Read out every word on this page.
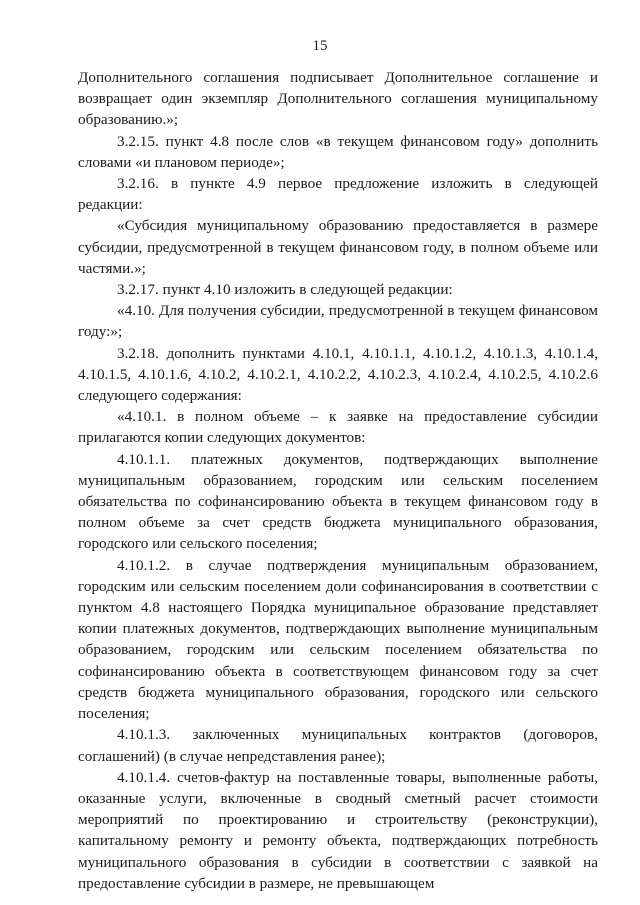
15

Дополнительного соглашения подписывает Дополнительное соглашение и возвращает один экземпляр Дополнительного соглашения муниципальному образованию.»;

3.2.15. пункт 4.8 после слов «в текущем финансовом году» дополнить словами «и плановом периоде»;

3.2.16. в пункте 4.9 первое предложение изложить в следующей редакции:

«Субсидия муниципальному образованию предоставляется в размере субсидии, предусмотренной в текущем финансовом году, в полном объеме или частями.»;

3.2.17. пункт 4.10 изложить в следующей редакции:

«4.10. Для получения субсидии, предусмотренной в текущем финансовом году:»;

3.2.18. дополнить пунктами 4.10.1, 4.10.1.1, 4.10.1.2, 4.10.1.3, 4.10.1.4, 4.10.1.5, 4.10.1.6, 4.10.2, 4.10.2.1, 4.10.2.2, 4.10.2.3, 4.10.2.4, 4.10.2.5, 4.10.2.6 следующего содержания:

«4.10.1. в полном объеме – к заявке на предоставление субсидии прилагаются копии следующих документов:

4.10.1.1. платежных документов, подтверждающих выполнение муниципальным образованием, городским или сельским поселением обязательства по софинансированию объекта в текущем финансовом году в полном объеме за счет средств бюджета муниципального образования, городского или сельского поселения;

4.10.1.2. в случае подтверждения муниципальным образованием, городским или сельским поселением доли софинансирования в соответствии с пунктом 4.8 настоящего Порядка муниципальное образование представляет копии платежных документов, подтверждающих выполнение муниципальным образованием, городским или сельским поселением обязательства по софинансированию объекта в соответствующем финансовом году за счет средств бюджета муниципального образования, городского или сельского поселения;

4.10.1.3. заключенных муниципальных контрактов (договоров, соглашений) (в случае непредставления ранее);

4.10.1.4. счетов-фактур на поставленные товары, выполненные работы, оказанные услуги, включенные в сводный сметный расчет стоимости мероприятий по проектированию и строительству (реконструкции), капитальному ремонту и ремонту объекта, подтверждающих потребность муниципального образования в субсидии в соответствии с заявкой на предоставление субсидии в размере, не превышающем
